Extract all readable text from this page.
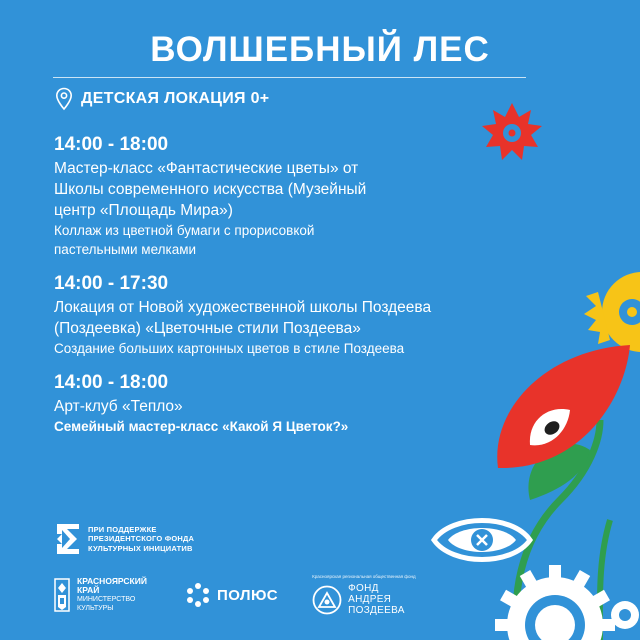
ВОЛШЕБНЫЙ ЛЕС
ДЕТСКАЯ ЛОКАЦИЯ 0+
14:00 - 18:00
Мастер-класс «Фантастические цветы» от
Школы современного искусства (Музейный
центр «Площадь Мира»)
Коллаж из цветной бумаги с прорисовкой
пастельными мелками
14:00 - 17:30
Локация от Новой художественной школы Поздеева
(Поздеевка) «Цветочные стили Поздеева»
Создание больших картонных цветов в стиле Поздеева
14:00 - 18:00
Арт-клуб «Тепло»
Семейный мастер-класс «Какой Я Цветок?»
ПРИ ПОДДЕРЖКЕ
ПРЕЗИДЕНТСКОГО ФОНДА
КУЛЬТУРНЫХ ИНИЦИАТИВ
КРАСНОЯРСКИЙ
КРАЙ
МИНИСТЕРСТВО
КУЛЬТУРЫ
ПОЛЮС
Красноярская региональная общественная фонд
ФОНД
АНДРЕЯ
ПОЗДЕЕВА
